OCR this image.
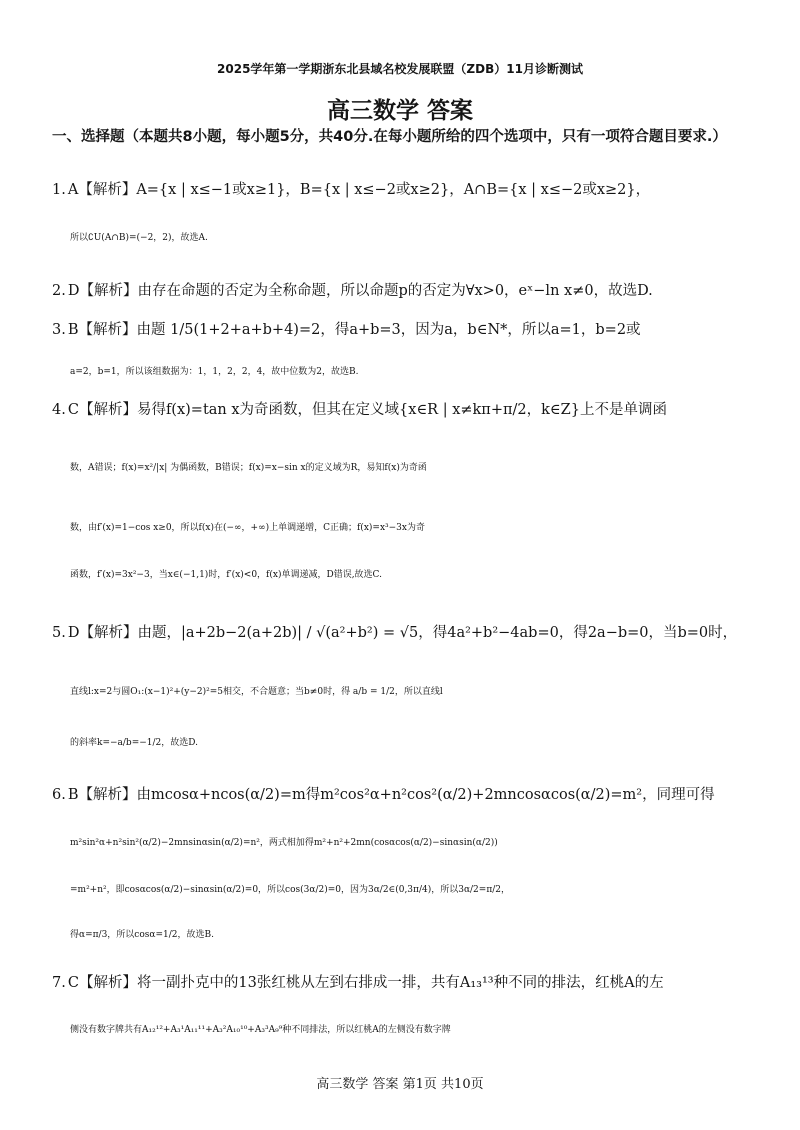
2025学年第一学期浙东北县域名校发展联盟（ZDB）11月诊断测试
高三数学 答案
一、选择题（本题共8小题，每小题5分，共40分.在每小题所给的四个选项中，只有一项符合题目要求.）
1. A【解析】A={x | x≤−1或x≥1}，B={x | x≤−2或x≥2}，A∩B={x | x≤−2或x≥2}，
所以∁U(A∩B)=(−2，2)，故选A.
2. D【解析】由存在命题的否定为全称命题，所以命题p的否定为∀x>0，eˣ−ln x≠0，故选D.
3. B【解析】由题 1/5(1+2+a+b+4)=2，得a+b=3，因为a，b∈N*，所以a=1，b=2或
a=2，b=1，所以该组数据为：1，1，2，2，4，故中位数为2，故选B.
4. C【解析】易得f(x)=tan x为奇函数，但其在定义域{x∈R | x≠kπ+π/2，k∈Z}上不是单调函
数，A错误；f(x)=x²/|x| 为偶函数，B错误；f(x)=x−sin x的定义域为R，易知f(x)为奇函
数，由f′(x)=1−cos x≥0，所以f(x)在(−∞，+∞)上单调递增，C正确；f(x)=x³−3x为奇
函数，f′(x)=3x²−3，当x∈(−1,1)时，f′(x)<0，f(x)单调递减，D错误,故选C.
5. D【解析】由题，|a+2b−2(a+2b)| / √(a²+b²) = √5，得4a²+b²−4ab=0，得2a−b=0，当b=0时，
直线l:x=2与圆O₁:(x−1)²+(y−2)²=5相交，不合题意；当b≠0时，得 a/b = 1/2，所以直线l
的斜率k=−a/b=−1/2，故选D.
6. B【解析】由mcosα+ncos(α/2)=m得m²cos²α+n²cos²(α/2)+2mncosαcos(α/2)=m²，同理可得
m²sin²α+n²sin²(α/2)−2mnsinαsin(α/2)=n²，两式相加得m²+n²+2mn(cosαcos(α/2)−sinαsin(α/2))
=m²+n²，即cosαcos(α/2)−sinαsin(α/2)=0，所以cos(3α/2)=0，因为3α/2∈(0,3π/4)，所以3α/2=π/2，
得α=π/3，所以cosα=1/2，故选B.
7. C【解析】将一副扑克中的13张红桃从左到右排成一排，共有A₁₃¹³种不同的排法，红桃A的左
侧没有数字牌共有A₁₂¹²+A₃¹A₁₁¹¹+A₃²A₁₀¹⁰+A₃³A₉⁹种不同排法，所以红桃A的左侧没有数字牌
高三数学 答案 第1页 共10页
